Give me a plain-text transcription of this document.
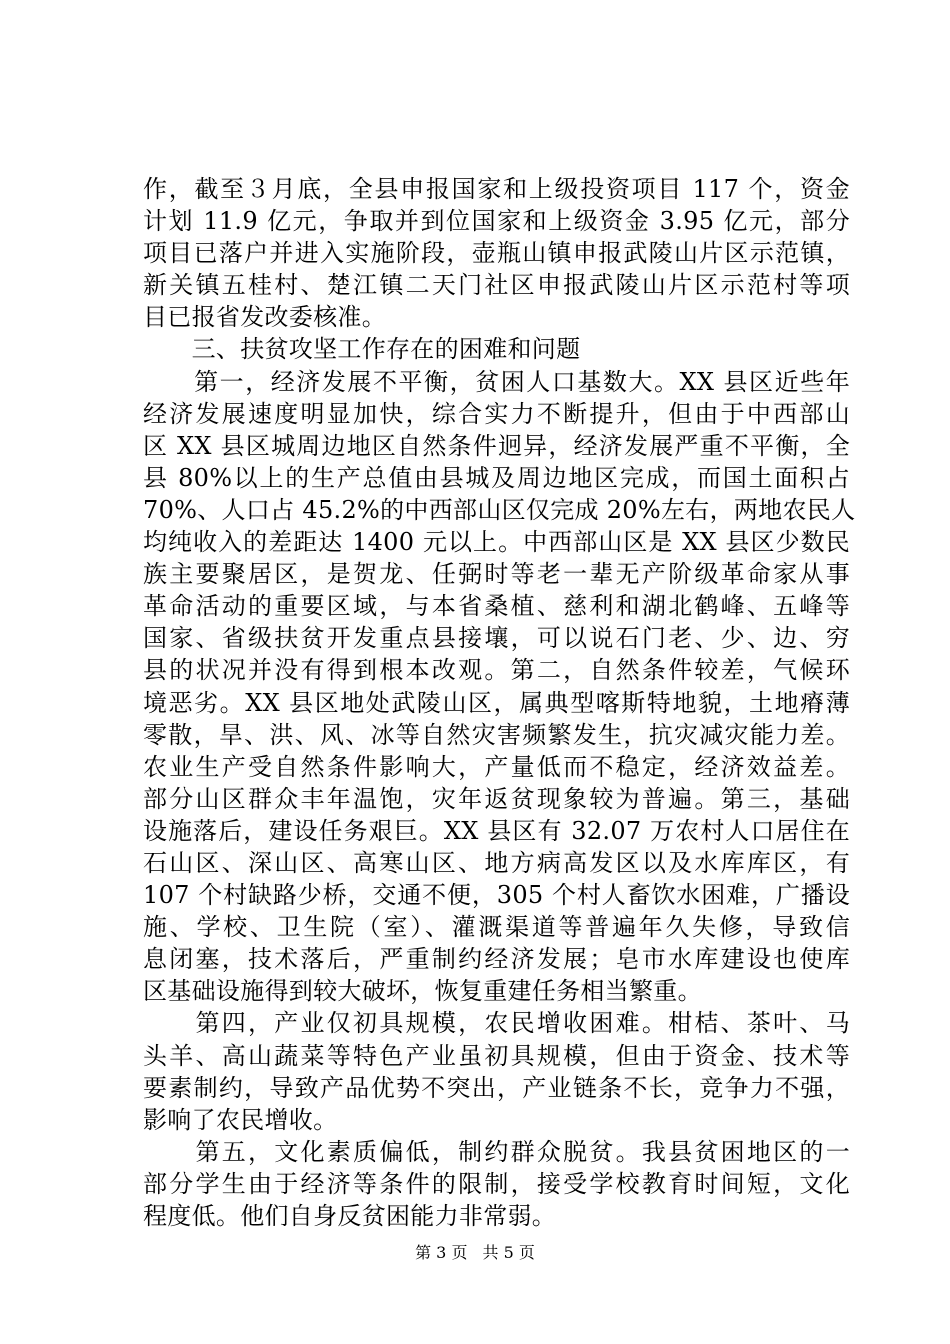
作，截至３月底，全县申报国家和上级投资项目 117 个，资金
计划 11.9 亿元，争取并到位国家和上级资金 3.95 亿元，部分
项目已落户并进入实施阶段，壶瓶山镇申报武陵山片区示范镇，
新关镇五桂村、楚江镇二天门社区申报武陵山片区示范村等项
目已报省发改委核准。
　　三、扶贫攻坚工作存在的困难和问题
　　第一，经济发展不平衡，贫困人口基数大。XX 县区近些年
经济发展速度明显加快，综合实力不断提升，但由于中西部山
区 XX 县区城周边地区自然条件迥异，经济发展严重不平衡，全
县 80%以上的生产总值由县城及周边地区完成，而国土面积占
70%、人口占 45.2%的中西部山区仅完成 20%左右，两地农民人
均纯收入的差距达 1400 元以上。中西部山区是 XX 县区少数民
族主要聚居区，是贺龙、任弼时等老一辈无产阶级革命家从事
革命活动的重要区域，与本省桑植、慈利和湖北鹤峰、五峰等
国家、省级扶贫开发重点县接壤，可以说石门老、少、边、穷
县的状况并没有得到根本改观。第二，自然条件较差，气候环
境恶劣。XX 县区地处武陵山区，属典型喀斯特地貌，土地瘠薄
零散，旱、洪、风、冰等自然灾害频繁发生，抗灾减灾能力差。
农业生产受自然条件影响大，产量低而不稳定，经济效益差。
部分山区群众丰年温饱，灾年返贫现象较为普遍。第三，基础
设施落后，建设任务艰巨。XX 县区有 32.07 万农村人口居住在
石山区、深山区、高寒山区、地方病高发区以及水库库区，有
107 个村缺路少桥，交通不便，305 个村人畜饮水困难，广播设
施、学校、卫生院（室）、灌溉渠道等普遍年久失修，导致信
息闭塞，技术落后，严重制约经济发展；皂市水库建设也使库
区基础设施得到较大破坏，恢复重建任务相当繁重。
　　第四，产业仅初具规模，农民增收困难。柑桔、茶叶、马
头羊、高山蔬菜等特色产业虽初具规模，但由于资金、技术等
要素制约，导致产品优势不突出，产业链条不长，竞争力不强，
影响了农民增收。
　　第五，文化素质偏低，制约群众脱贫。我县贫困地区的一
部分学生由于经济等条件的限制，接受学校教育时间短，文化
程度低。他们自身反贫困能力非常弱。
第 3 页 共 5 页
